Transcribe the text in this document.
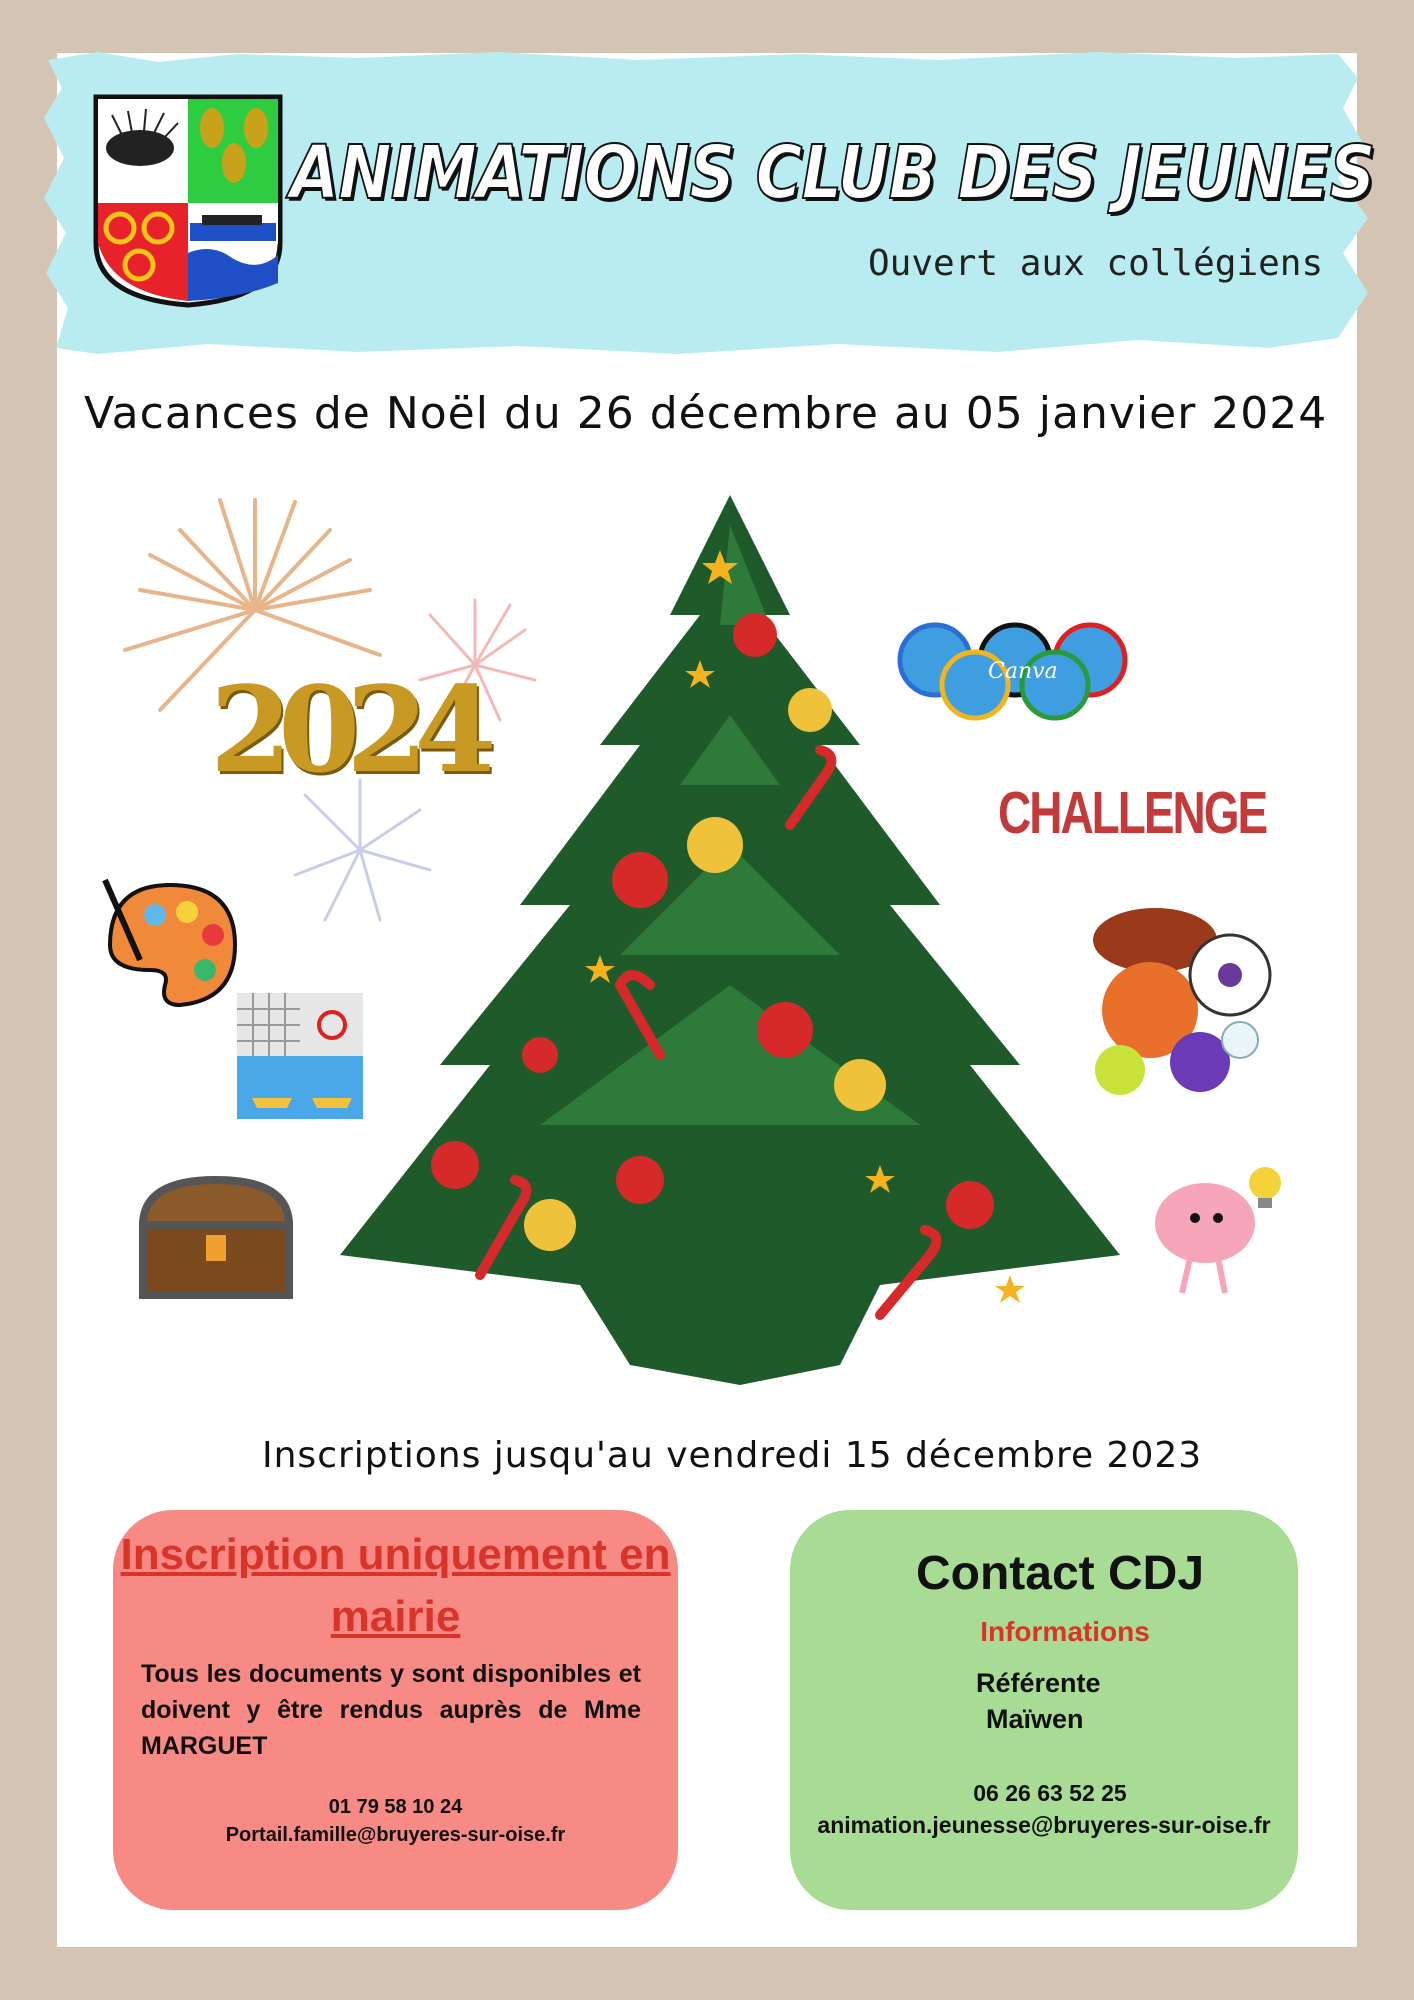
ANIMATIONS CLUB DES JEUNES
Ouvert aux collégiens
Vacances de Noël du 26 décembre au 05 janvier 2024
2024	Canva
CHALLENGE
Inscriptions jusqu'au vendredi 15 décembre 2023
Inscription uniquement en mairie
Tous les documents y sont disponibles et doivent y être rendus auprès de Mme MARGUET
01 79 58 10 24
Portail.famille@bruyeres-sur-oise.fr
Contact CDJ
Informations
Référente
Maïwen
06 26 63 52 25
animation.jeunesse@bruyeres-sur-oise.fr
